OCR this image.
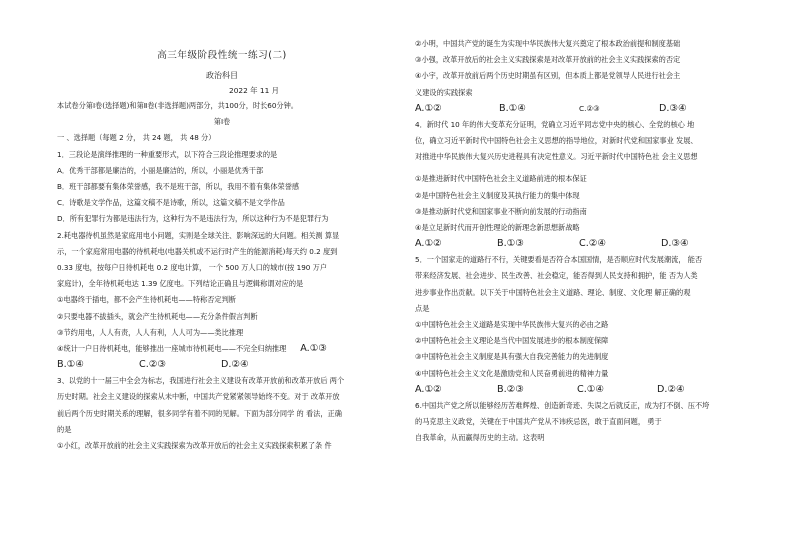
高三年级阶段性统一练习(二)
政治科目
2022 年 11 月
本试卷分第Ⅰ卷(选择题)和第Ⅱ卷(非选择题)两部分，共100分，时长60分钟。
第Ⅰ卷
一 、选择题（每题 2 分， 共 24 题， 共 48 分）
1．三段论是演绎推理的一种重要形式，以下符合三段论推理要求的是
A．优秀干部都是廉洁的，小丽是廉洁的，所以，小丽是优秀干部
B．班干部都要有集体荣誉感，我不是班干部，所以，我用不着有集体荣誉感
C．诗歌是文学作品，这篇文稿不是诗歌，所以，这篇文稿不是文学作品
D．所有犯罪行为都是违法行为，这种行为不是违法行为，所以这种行为不是犯罪行为
2.耗电器待机虽然是家庭用电小问题，实则是全球关注、影响深远的大问题。相关测 算显
示，一个家庭常用电器的待机耗电(电器关机或不运行时产生的能源消耗)每天约 0.2 度到
0.33 度电，按每户日待机耗电 0.2 度电计算， 一个 500 万人口的城市(按 190 万户
家庭计)，全年待机耗电达 1.39 亿度电。下列结论正确且与逻辑称谓对应的是
①电器终于插电，都不会产生待机耗电——特称否定判断
②只要电器不拔插头，就会产生待机耗电——充分条件假言判断
③节约用电，人人有责，人人有利，人人可为——类比推理
④统计一户日待机耗电，能够推出一座城市待机耗电——不完全归纳推理 A.①③
B.①④	C.②③	D.②④
3、以党的十一届三中全会为标志，我国进行社会主义建设有改革开放前和改革开放后 两个
历史时期。社会主义建设的探索从未中断，中国共产党紧紧领导始终不变。对于 改革开放
前后两个历史时期关系的理解，很多同学有着不同的见解。下面为部分同学 的 看法，正确
的是
①小红，改革开放前的社会主义实践探索为改革开放后的社会主义实践探索积累了条 件
②小明，中国共产党的诞生为实现中华民族伟大复兴奠定了根本政治前提和制度基础
③小强，改革开放后的社会主义实践探索是对改革开放前的社会主义实践探索的否定
④小宇，改革开放前后两个历史时期虽有区别，但本质上都是党领导人民进行社会主
义建设的实践探索
A.①②	B.①④	C.②③	D.③④
4．新时代 10 年的伟大变革充分证明，党确立习近平同志党中央的核心、全党的核心 地
位，确立习近平新时代中国特色社会主义思想的指导地位，对新时代党和国家事业 发展、
对推进中华民族伟大复兴历史进程具有决定性意义。习近平新时代中国特色社 会主义思想
①是推进新时代中国特色社会主义道路前进的根本保证
②是中国特色社会主义制度及其执行能力的集中体现
③是推动新时代党和国家事业不断向前发展的行动指南
④是立足新时代而开创性理论的新理念新思想新战略
A.①②	B.①③	C.②④	D.③④
5．一个国家走的道路行不行，关键要看是否符合本国国情，是否顺应时代发展潮流， 能否
带来经济发展、社会进步、民生改善、社会稳定，能否得到人民支持和拥护，能 否为人类
进步事业作出贡献。以下关于中国特色社会主义道路、理论、制度、文化理 解正确的观
点是
①中国特色社会主义道路是实现中华民族伟大复兴的必由之路
②中国特色社会主义理论是当代中国发展进步的根本制度保障
③中国特色社会主义制度是具有强大自我完善能力的先进制度
④中国特色社会主义文化是激励党和人民奋勇前进的精神力量
A.①②	B.②③	C.①④	D.②④
6.中国共产党之所以能够经历苦难辉煌、创造新奇迹、失误之后就反正，成为打不倒、压不垮
的马克思主义政党，关键在于中国共产党从不讳疾忌医，敢于直面问题， 勇于
自我革命，从而赢得历史的主动。这表明
